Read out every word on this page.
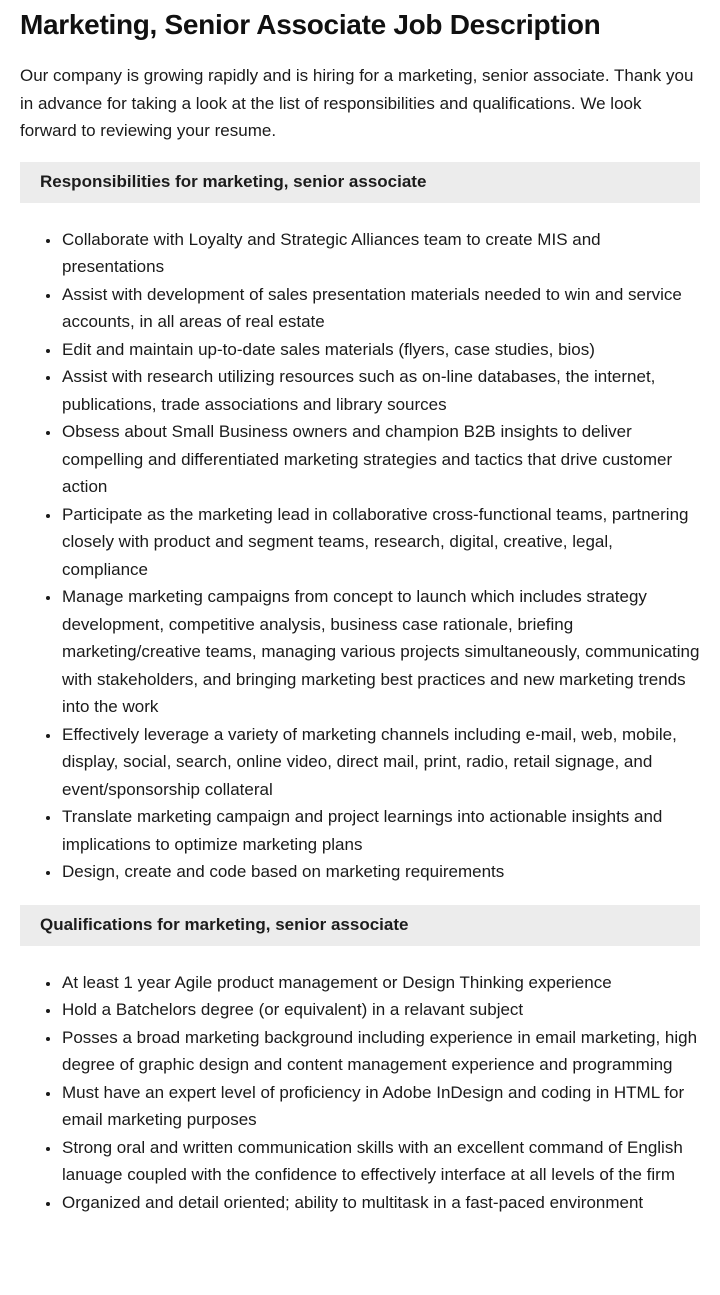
Marketing, Senior Associate Job Description

Our company is growing rapidly and is hiring for a marketing, senior associate. Thank you in advance for taking a look at the list of responsibilities and qualifications. We look forward to reviewing your resume.

Responsibilities for marketing, senior associate
• Collaborate with Loyalty and Strategic Alliances team to create MIS and presentations
• Assist with development of sales presentation materials needed to win and service accounts, in all areas of real estate
• Edit and maintain up-to-date sales materials (flyers, case studies, bios)
• Assist with research utilizing resources such as on-line databases, the internet, publications, trade associations and library sources
• Obsess about Small Business owners and champion B2B insights to deliver compelling and differentiated marketing strategies and tactics that drive customer action
• Participate as the marketing lead in collaborative cross-functional teams, partnering closely with product and segment teams, research, digital, creative, legal, compliance
• Manage marketing campaigns from concept to launch which includes strategy development, competitive analysis, business case rationale, briefing marketing/creative teams, managing various projects simultaneously, communicating with stakeholders, and bringing marketing best practices and new marketing trends into the work
• Effectively leverage a variety of marketing channels including e-mail, web, mobile, display, social, search, online video, direct mail, print, radio, retail signage, and event/sponsorship collateral
• Translate marketing campaign and project learnings into actionable insights and implications to optimize marketing plans
• Design, create and code based on marketing requirements
Qualifications for marketing, senior associate
• At least 1 year Agile product management or Design Thinking experience
• Hold a Batchelors degree (or equivalent) in a relavant subject
• Posses a broad marketing background including experience in email marketing, high degree of graphic design and content management experience and programming
• Must have an expert level of proficiency in Adobe InDesign and coding in HTML for email marketing purposes
• Strong oral and written communication skills with an excellent command of English lanuage coupled with the confidence to effectively interface at all levels of the firm
• Organized and detail oriented; ability to multitask in a fast-paced environment
